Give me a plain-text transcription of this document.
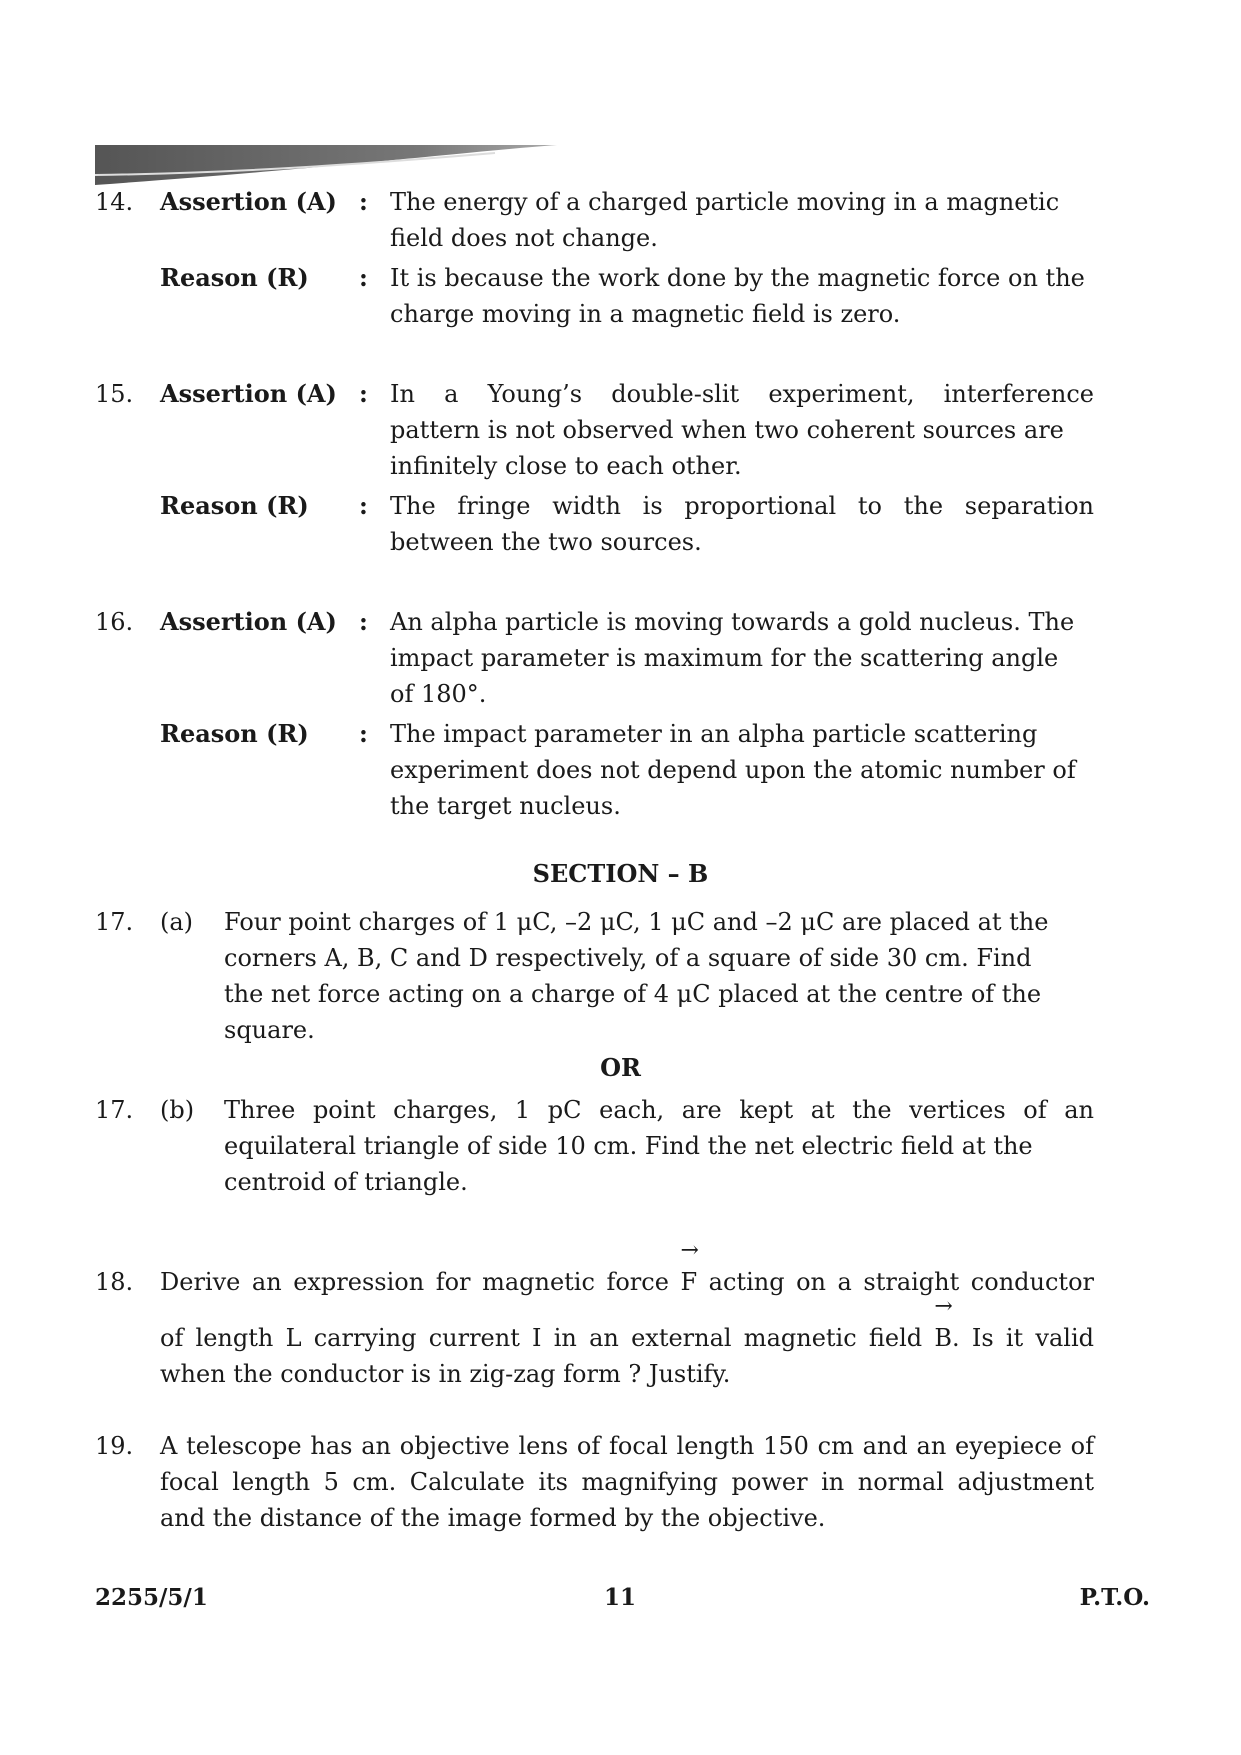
14. Assertion (A) : The energy of a charged particle moving in a magnetic
field does not change.
Reason (R)	: It is because the work done by the magnetic force on the
charge moving in a magnetic field is zero.
15. Assertion (A) : In a Young’s double-slit experiment, interference
pattern is not observed when two coherent sources are
infinitely close to each other.
Reason (R)	: The fringe width is proportional to the separation
between the two sources.
16. Assertion (A) : An alpha particle is moving towards a gold nucleus. The
impact parameter is maximum for the scattering angle
of 180°.
Reason (R)	: The impact parameter in an alpha particle scattering
experiment does not depend upon the atomic number of
the target nucleus.
SECTION – B
17. (a) Four point charges of 1 μC, –2 μC, 1 μC and –2 μC are placed at the
corners A, B, C and D respectively, of a square of side 30 cm. Find
the net force acting on a charge of 4 μC placed at the centre of the
square.
OR
17. (b) Three point charges, 1 pC each, are kept at the vertices of an
equilateral triangle of side 10 cm. Find the net electric field at the
centroid of triangle.
18. Derive an expression for magnetic force
→
F acting on a straight conductor
of length L carrying current I in an external magnetic field
→
B. Is it valid
when the conductor is in zig-zag form ? Justify.
19. A telescope has an objective lens of focal length 150 cm and an eyepiece of
focal length 5 cm. Calculate its magnifying power in normal adjustment
and the distance of the image formed by the objective.
2255/5/1	11	P.T.O.
